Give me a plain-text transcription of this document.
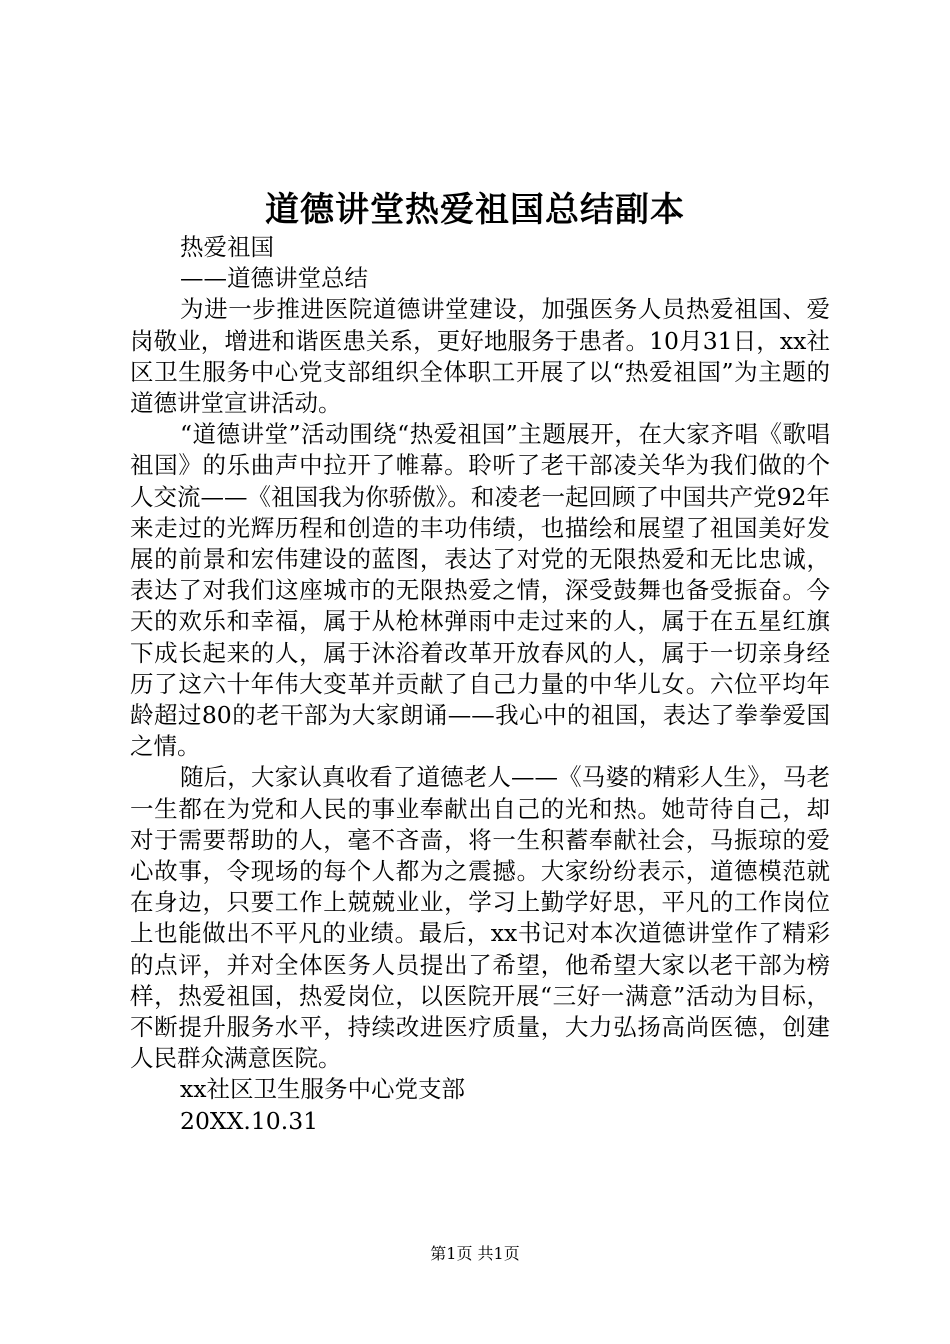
道德讲堂热爱祖国总结副本

热爱祖国

——道德讲堂总结

为进一步推进医院道德讲堂建设，加强医务人员热爱祖国、爱岗敬业，增进和谐医患关系，更好地服务于患者。10月31日，xx社区卫生服务中心党支部组织全体职工开展了以“热爱祖国”为主题的道德讲堂宣讲活动。

“道德讲堂”活动围绕“热爱祖国”主题展开，在大家齐唱《歌唱祖国》的乐曲声中拉开了帷幕。聆听了老干部凌关华为我们做的个人交流——《祖国我为你骄傲》。和凌老一起回顾了中国共产党92年来走过的光辉历程和创造的丰功伟绩，也描绘和展望了祖国美好发展的前景和宏伟建设的蓝图，表达了对党的无限热爱和无比忠诚，表达了对我们这座城市的无限热爱之情，深受鼓舞也备受振奋。今天的欢乐和幸福，属于从枪林弹雨中走过来的人，属于在五星红旗下成长起来的人，属于沐浴着改革开放春风的人，属于一切亲身经历了这六十年伟大变革并贡献了自己力量的中华儿女。六位平均年龄超过80的老干部为大家朗诵——我心中的祖国，表达了拳拳爱国之情。

随后，大家认真收看了道德老人——《马婆的精彩人生》，马老一生都在为党和人民的事业奉献出自己的光和热。她苛待自己，却对于需要帮助的人，毫不吝啬，将一生积蓄奉献社会，马振琼的爱心故事，令现场的每个人都为之震撼。大家纷纷表示，道德模范就在身边，只要工作上兢兢业业，学习上勤学好思，平凡的工作岗位上也能做出不平凡的业绩。最后，xx书记对本次道德讲堂作了精彩的点评，并对全体医务人员提出了希望，他希望大家以老干部为榜样，热爱祖国，热爱岗位，以医院开展“三好一满意”活动为目标，不断提升服务水平，持续改进医疗质量，大力弘扬高尚医德，创建人民群众满意医院。

xx社区卫生服务中心党支部

20XX.10.31

第1页 共1页
